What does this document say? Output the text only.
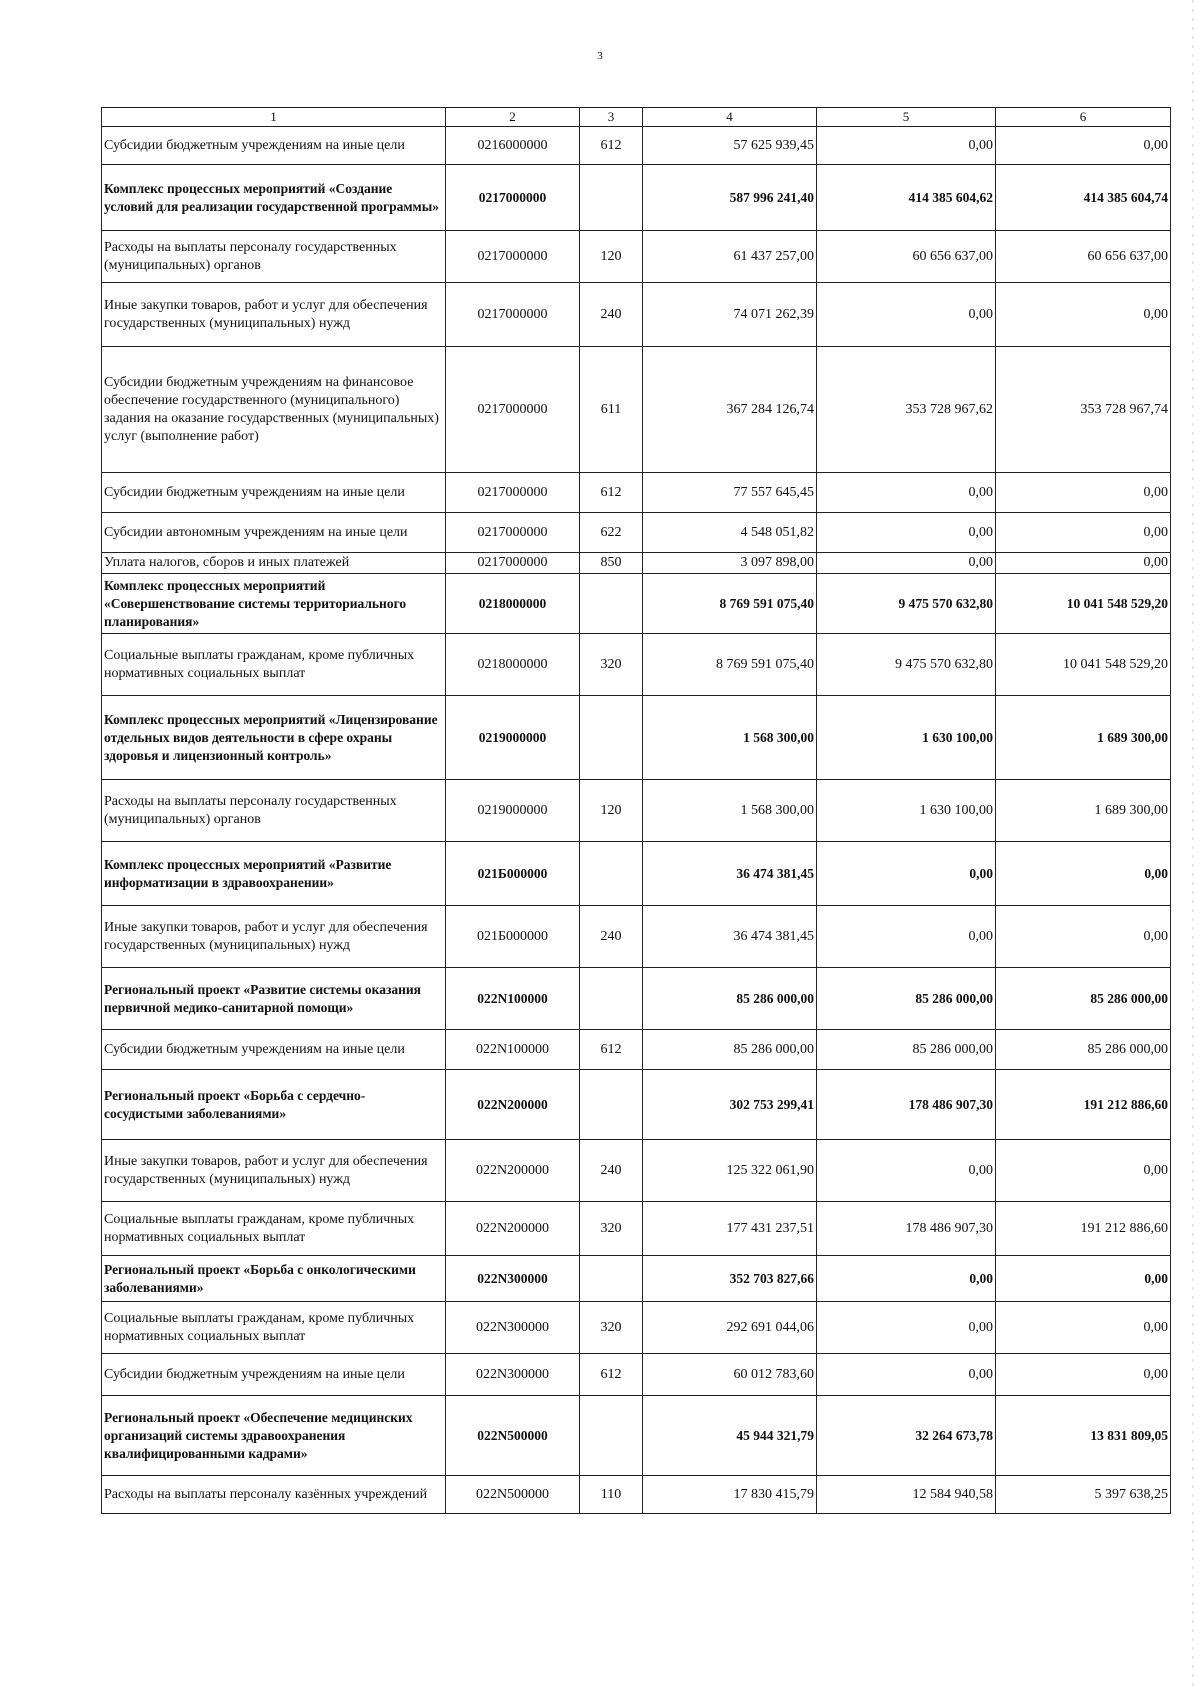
3
1	2	3	4	5	6
Субсидии бюджетным учреждениям на иные цели	0216000000	612	57 625 939,45	0,00	0,00
Комплекс процессных мероприятий «Создание условий для реализации государственной программы»	0217000000		587 996 241,40	414 385 604,62	414 385 604,74
Расходы на выплаты персоналу государственных (муниципальных) органов	0217000000	120	61 437 257,00	60 656 637,00	60 656 637,00
Иные закупки товаров, работ и услуг для обеспечения государственных (муниципальных) нужд	0217000000	240	74 071 262,39	0,00	0,00
Субсидии бюджетным учреждениям на финансовое обеспечение государственного (муниципального) задания на оказание государственных (муниципальных) услуг (выполнение работ)	0217000000	611	367 284 126,74	353 728 967,62	353 728 967,74
Субсидии бюджетным учреждениям на иные цели	0217000000	612	77 557 645,45	0,00	0,00
Субсидии автономным учреждениям на иные цели	0217000000	622	4 548 051,82	0,00	0,00
Уплата налогов, сборов и иных платежей	0217000000	850	3 097 898,00	0,00	0,00
Комплекс процессных мероприятий «Совершенствование системы территориального планирования»	0218000000		8 769 591 075,40	9 475 570 632,80	10 041 548 529,20
Социальные выплаты гражданам, кроме публичных нормативных социальных выплат	0218000000	320	8 769 591 075,40	9 475 570 632,80	10 041 548 529,20
Комплекс процессных мероприятий «Лицензирование отдельных видов деятельности в сфере охраны здоровья и лицензионный контроль»	0219000000		1 568 300,00	1 630 100,00	1 689 300,00
Расходы на выплаты персоналу государственных (муниципальных) органов	0219000000	120	1 568 300,00	1 630 100,00	1 689 300,00
Комплекс процессных мероприятий «Развитие информатизации в здравоохранении»	021Б000000		36 474 381,45	0,00	0,00
Иные закупки товаров, работ и услуг для обеспечения государственных (муниципальных) нужд	021Б000000	240	36 474 381,45	0,00	0,00
Региональный проект «Развитие системы оказания первичной медико-санитарной помощи»	022N100000		85 286 000,00	85 286 000,00	85 286 000,00
Субсидии бюджетным учреждениям на иные цели	022N100000	612	85 286 000,00	85 286 000,00	85 286 000,00
Региональный проект «Борьба с сердечно-сосудистыми заболеваниями»	022N200000		302 753 299,41	178 486 907,30	191 212 886,60
Иные закупки товаров, работ и услуг для обеспечения государственных (муниципальных) нужд	022N200000	240	125 322 061,90	0,00	0,00
Социальные выплаты гражданам, кроме публичных нормативных социальных выплат	022N200000	320	177 431 237,51	178 486 907,30	191 212 886,60
Региональный проект «Борьба с онкологическими заболеваниями»	022N300000		352 703 827,66	0,00	0,00
Социальные выплаты гражданам, кроме публичных нормативных социальных выплат	022N300000	320	292 691 044,06	0,00	0,00
Субсидии бюджетным учреждениям на иные цели	022N300000	612	60 012 783,60	0,00	0,00
Региональный проект «Обеспечение медицинских организаций системы здравоохранения квалифицированными кадрами»	022N500000		45 944 321,79	32 264 673,78	13 831 809,05
Расходы на выплаты персоналу казённых учреждений	022N500000	110	17 830 415,79	12 584 940,58	5 397 638,25
